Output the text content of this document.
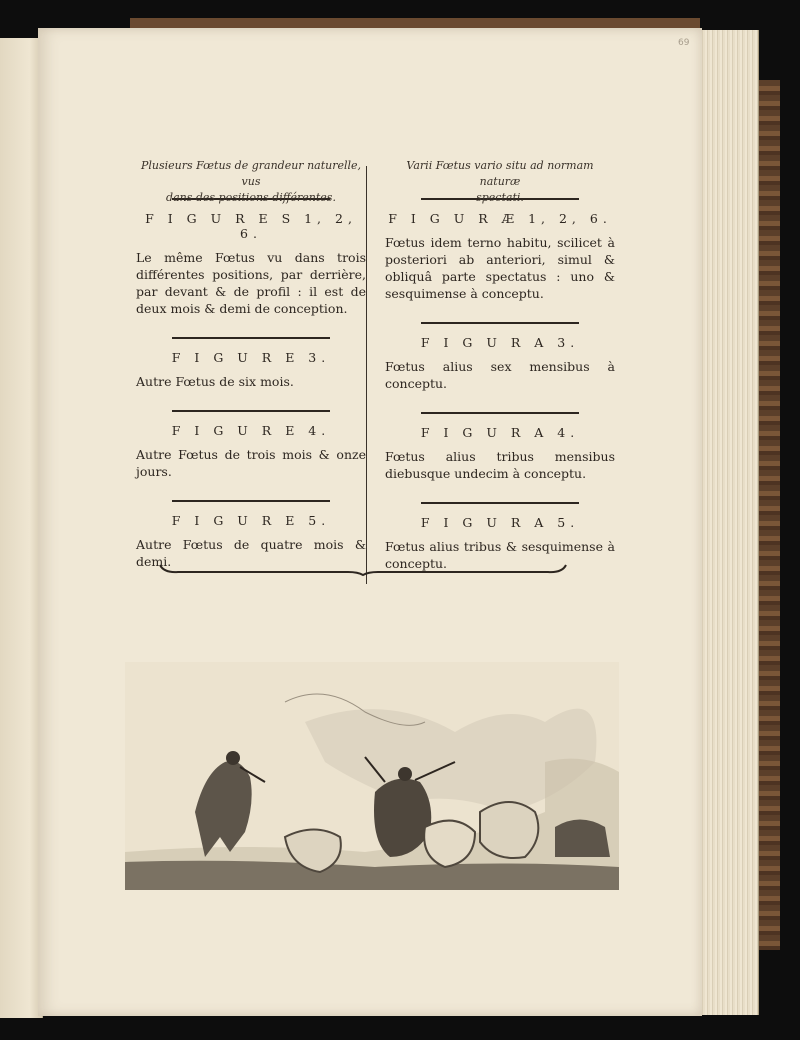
69
Plusieurs Fœtus de grandeur naturelle, vus
dans des positions différentes.
F I G U R E S 1, 2, 6.
Le même Fœtus vu dans trois différentes positions, par derrière, par devant & de profil : il est de deux mois & demi de conception.
F I G U R E 3.
Autre Fœtus de six mois.
F I G U R E 4.
Autre Fœtus de trois mois & onze jours.
F I G U R E 5.
Autre Fœtus de quatre mois & demi.
Varii Fœtus vario situ ad normam naturæ
spectati.
F I G U R Æ 1, 2, 6.
Fœtus idem terno habitu, scilicet à posteriori ab anteriori, simul & obliquâ parte spectatus : uno & sesquimense à conceptu.
F I G U R A 3.
Fœtus alius sex mensibus à conceptu.
F I G U R A 4.
Fœtus alius tribus mensibus diebusque undecim à conceptu.
F I G U R A 5.
Fœtus alius tribus & sesquimense à conceptu.
